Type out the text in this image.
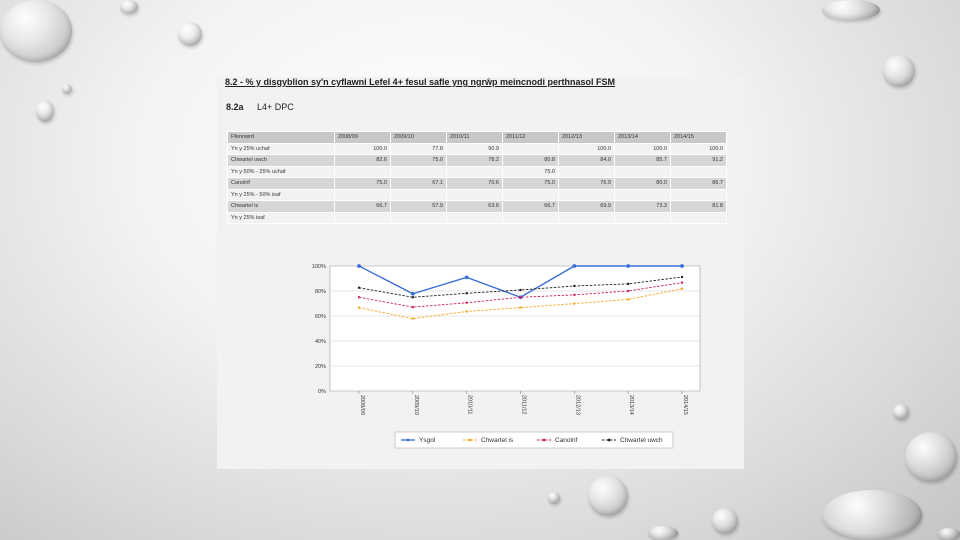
8.2 - % y disgyblion sy'n cyflawni Lefel 4+ fesul safle yng ngrŵp meincnodi perthnasol FSM
8.2a L4+ DPC
Ffennwrd	2008/09	2009/10	2010/11	2011/12	2012/13	2013/14	2014/15
Yn y 25% uchaf	100.0	77.8	90.9		100.0	100.0	100.0
Chwartel uwch	82.6	75.0	78.2	80.8	84.0	85.7	91.2
Yn y 50% - 25% uchaf				75.0			
Canolrif	75.0	67.1	70.6	75.0	76.9	80.0	86.7
Yn y 25% - 50% isaf							
Chwartel is	66.7	57.9	63.6	66.7	69.9	73.3	81.8
Yn y 25% isaf							
0%
20%
40%
60%
80%
100%
2008/09	2009/10	2010/11	2011/12	2012/13	2013/14	2014/15
Ysgol	Chwartel is	Canolrif	Chwartel uwch
